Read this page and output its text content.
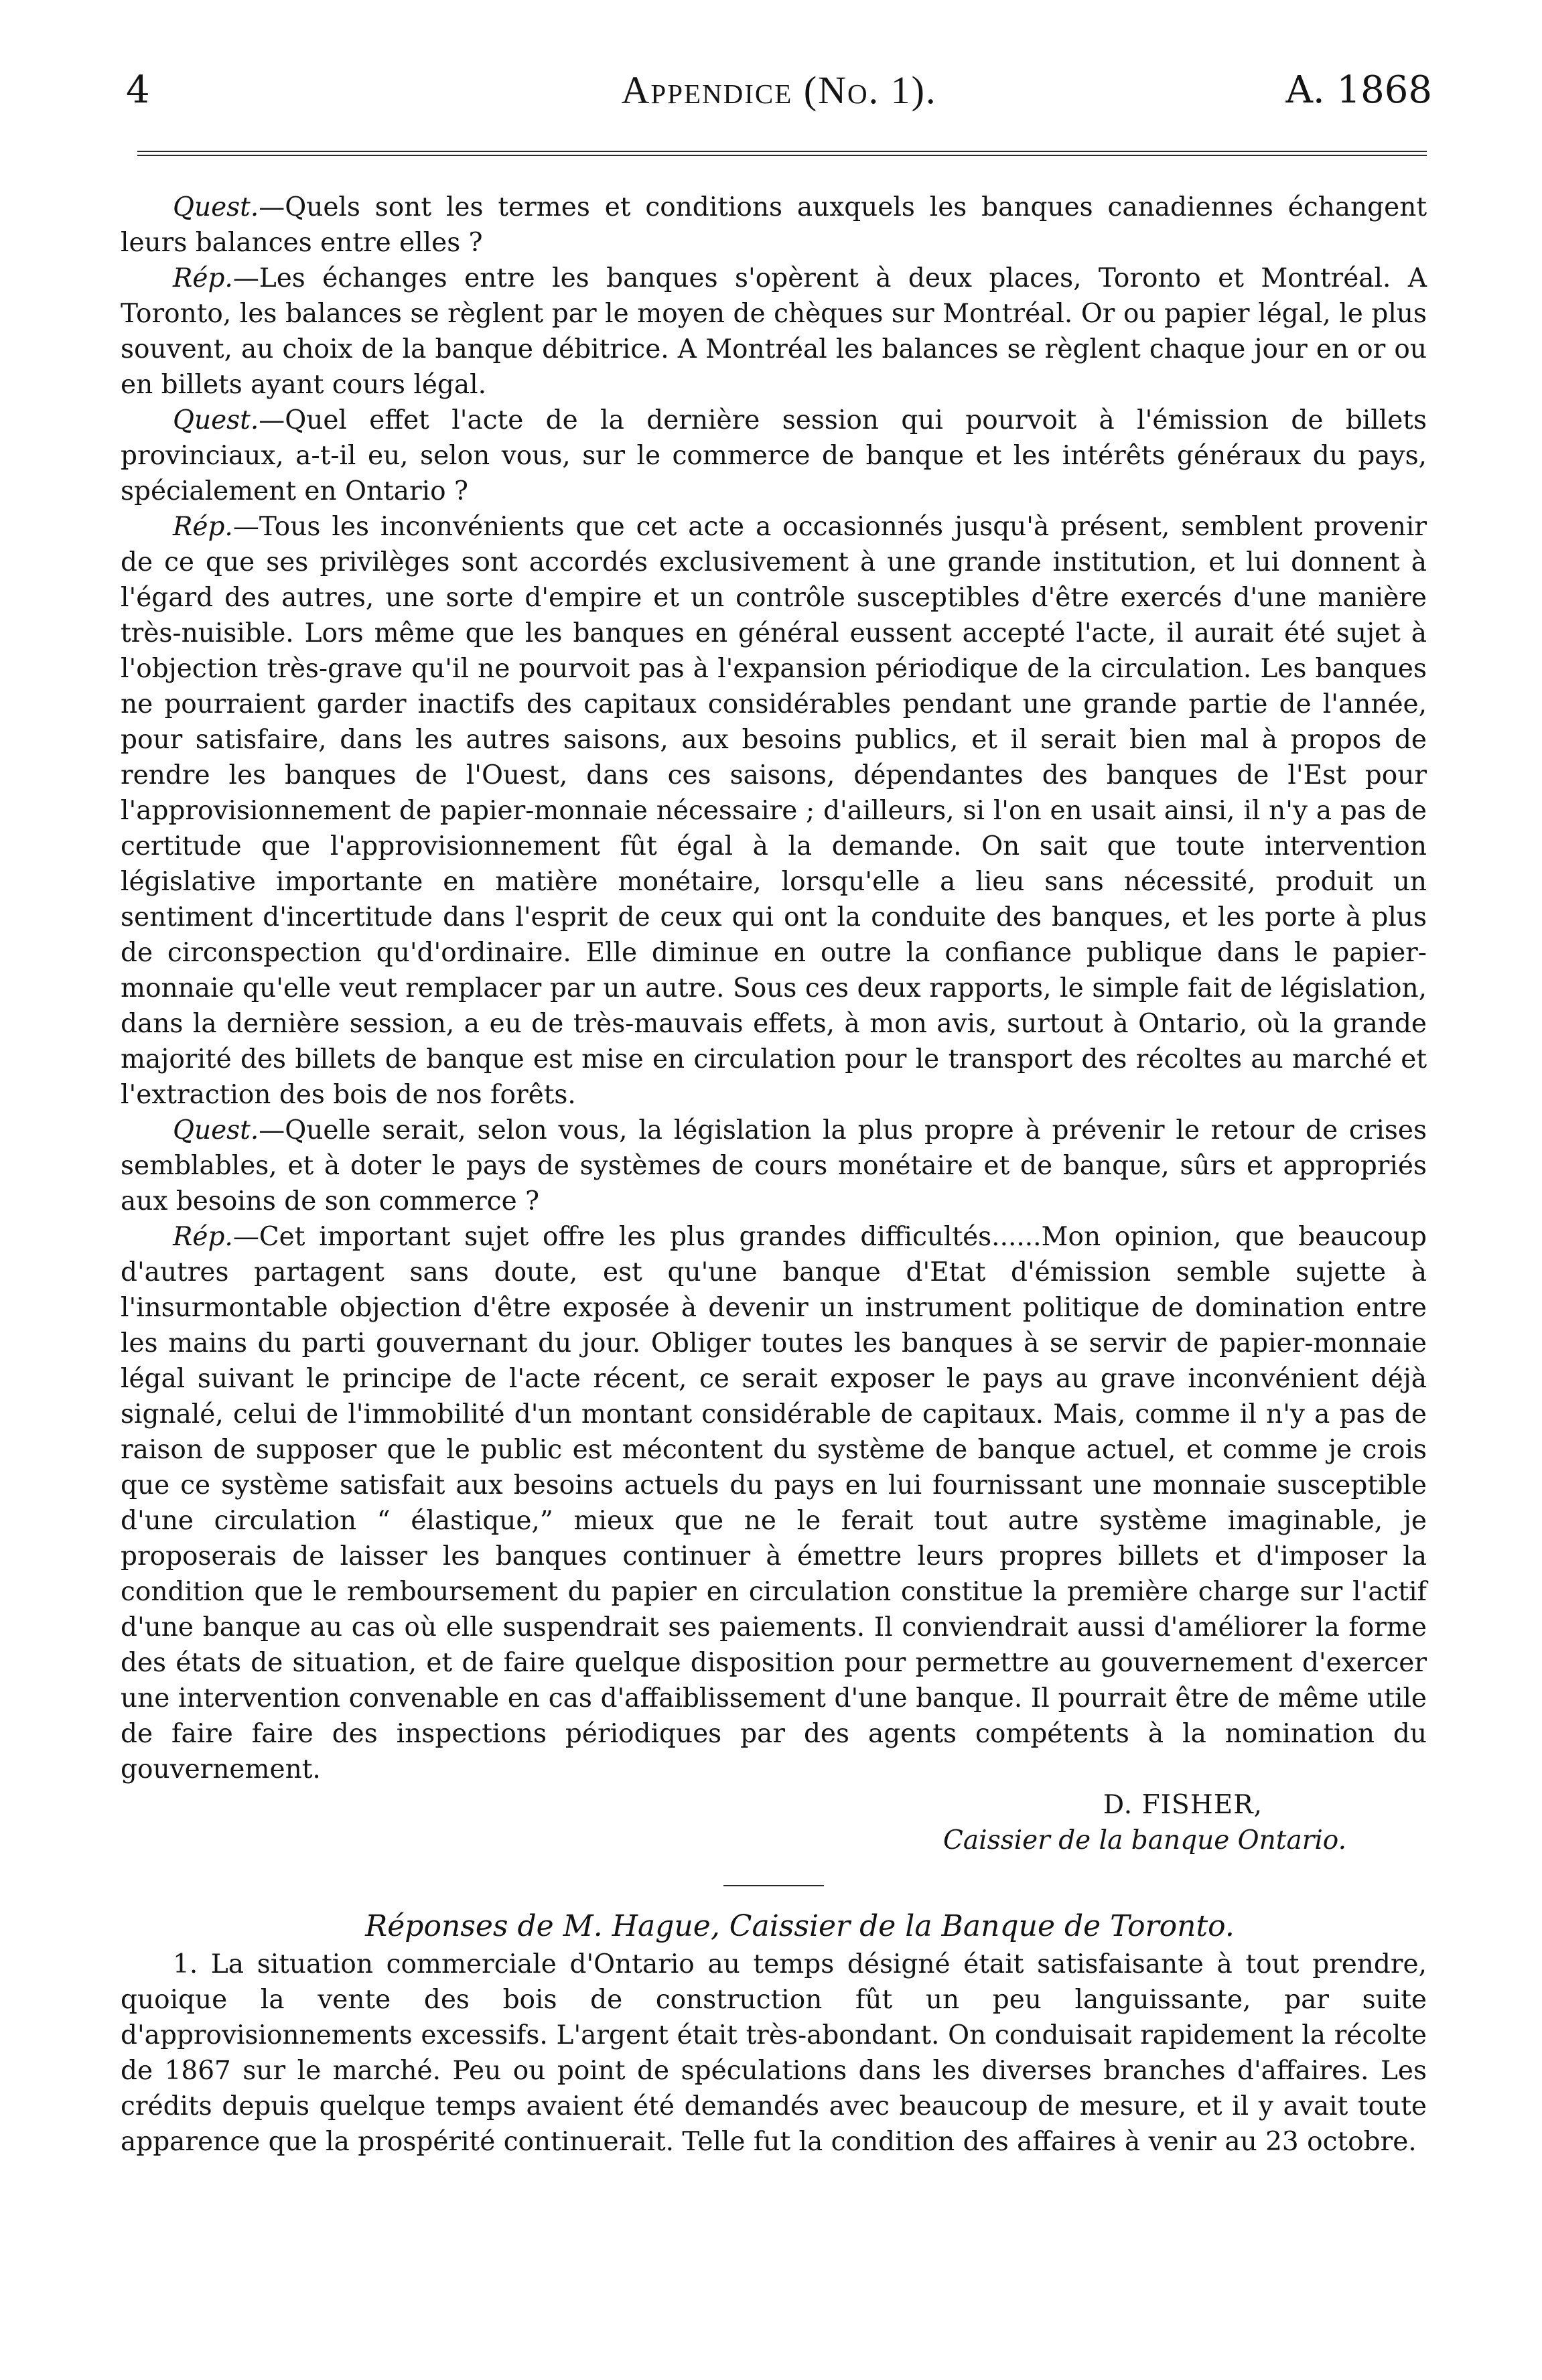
4	Appendice (No. 1).	A. 1868

Quest.—Quels sont les termes et conditions auxquels les banques canadiennes échangent leurs balances entre elles ?

Rép.—Les échanges entre les banques s'opèrent à deux places, Toronto et Montréal. A Toronto, les balances se règlent par le moyen de chèques sur Montréal. Or ou papier légal, le plus souvent, au choix de la banque débitrice. A Montréal les balances se règlent chaque jour en or ou en billets ayant cours légal.

Quest.—Quel effet l'acte de la dernière session qui pourvoit à l'émission de billets provinciaux, a-t-il eu, selon vous, sur le commerce de banque et les intérêts généraux du pays, spécialement en Ontario ?

Rép.—Tous les inconvénients que cet acte a occasionnés jusqu'à présent, semblent provenir de ce que ses privilèges sont accordés exclusivement à une grande institution, et lui donnent à l'égard des autres, une sorte d'empire et un contrôle susceptibles d'être exercés d'une manière très-nuisible. Lors même que les banques en général eussent accepté l'acte, il aurait été sujet à l'objection très-grave qu'il ne pourvoit pas à l'expansion périodique de la circulation. Les banques ne pourraient garder inactifs des capitaux considérables pendant une grande partie de l'année, pour satisfaire, dans les autres saisons, aux besoins publics, et il serait bien mal à propos de rendre les banques de l'Ouest, dans ces saisons, dépendantes des banques de l'Est pour l'approvisionnement de papier-monnaie nécessaire ; d'ailleurs, si l'on en usait ainsi, il n'y a pas de certitude que l'approvisionnement fût égal à la demande. On sait que toute intervention législative importante en matière monétaire, lorsqu'elle a lieu sans nécessité, produit un sentiment d'incertitude dans l'esprit de ceux qui ont la conduite des banques, et les porte à plus de circonspection qu'd'ordinaire. Elle diminue en outre la confiance publique dans le papier-monnaie qu'elle veut remplacer par un autre. Sous ces deux rapports, le simple fait de législation, dans la dernière session, a eu de très-mauvais effets, à mon avis, surtout à Ontario, où la grande majorité des billets de banque est mise en circulation pour le transport des récoltes au marché et l'extraction des bois de nos forêts.

Quest.—Quelle serait, selon vous, la législation la plus propre à prévenir le retour de crises semblables, et à doter le pays de systèmes de cours monétaire et de banque, sûrs et appropriés aux besoins de son commerce ?

Rép.—Cet important sujet offre les plus grandes difficultés......Mon opinion, que beaucoup d'autres partagent sans doute, est qu'une banque d'Etat d'émission semble sujette à l'insurmontable objection d'être exposée à devenir un instrument politique de domination entre les mains du parti gouvernant du jour. Obliger toutes les banques à se servir de papier-monnaie légal suivant le principe de l'acte récent, ce serait exposer le pays au grave inconvénient déjà signalé, celui de l'immobilité d'un montant considérable de capitaux. Mais, comme il n'y a pas de raison de supposer que le public est mécontent du système de banque actuel, et comme je crois que ce système satisfait aux besoins actuels du pays en lui fournissant une monnaie susceptible d'une circulation “ élastique,” mieux que ne le ferait tout autre système imaginable, je proposerais de laisser les banques continuer à émettre leurs propres billets et d'imposer la condition que le remboursement du papier en circulation constitue la première charge sur l'actif d'une banque au cas où elle suspendrait ses paiements. Il conviendrait aussi d'améliorer la forme des états de situation, et de faire quelque disposition pour permettre au gouvernement d'exercer une intervention convenable en cas d'affaiblissement d'une banque. Il pourrait être de même utile de faire faire des inspections périodiques par des agents compétents à la nomination du gouvernement.

D. FISHER,

Caissier de la banque Ontario.

Réponses de M. Hague, Caissier de la Banque de Toronto.

1. La situation commerciale d'Ontario au temps désigné était satisfaisante à tout prendre, quoique la vente des bois de construction fût un peu languissante, par suite d'approvisionnements excessifs. L'argent était très-abondant. On conduisait rapidement la récolte de 1867 sur le marché. Peu ou point de spéculations dans les diverses branches d'affaires. Les crédits depuis quelque temps avaient été demandés avec beaucoup de mesure, et il y avait toute apparence que la prospérité continuerait. Telle fut la condition des affaires à venir au 23 octobre.
